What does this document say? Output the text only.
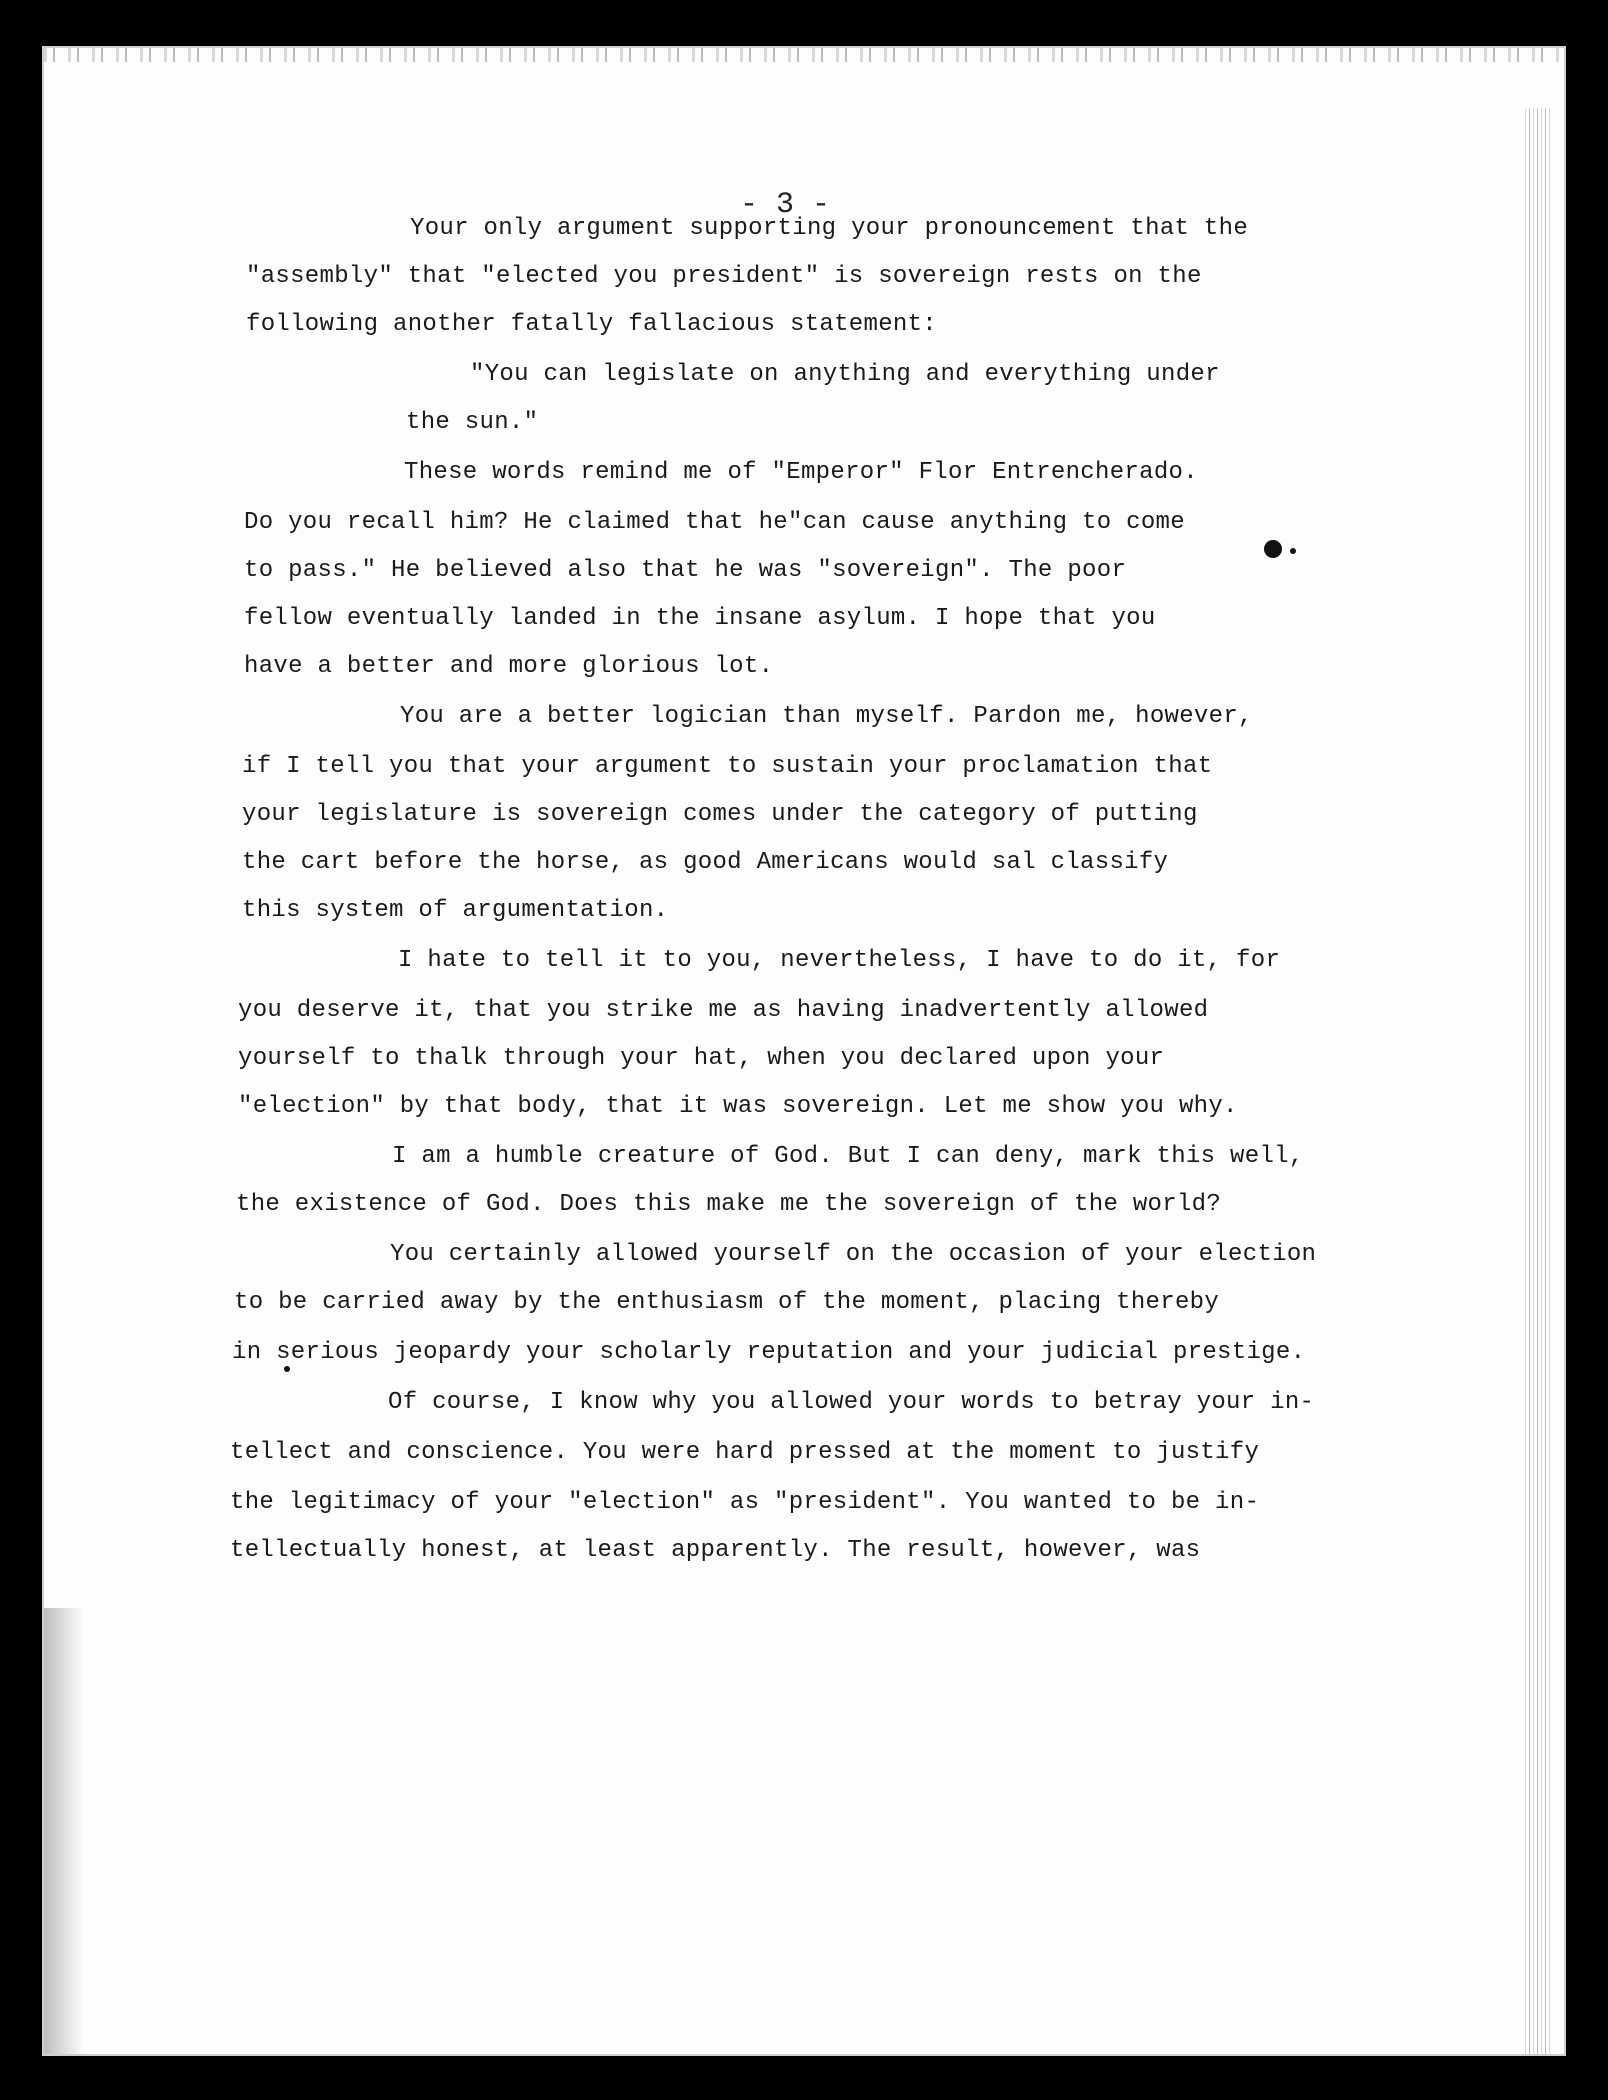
- 3 -
Your only argument supporting your pronouncement that the
"assembly" that "elected you president" is sovereign rests on the
following another fatally fallacious statement:
"You can legislate on anything and everything under
the sun."
These words remind me of "Emperor" Flor Entrencherado.
Do you recall him? He claimed that he"can cause anything to come
to pass." He believed also that he was "sovereign". The poor
fellow eventually landed in the insane asylum. I hope that you
have a better and more glorious lot.
You are a better logician than myself. Pardon me, however,
if I tell you that your argument to sustain your proclamation that
your legislature is sovereign comes under the category of putting
the cart before the horse, as good Americans would sal classify
this system of argumentation.
I hate to tell it to you, nevertheless, I have to do it, for
you deserve it, that you strike me as having inadvertently allowed
yourself to thalk through your hat, when you declared upon your
"election" by that body, that it was sovereign. Let me show you why.
I am a humble creature of God. But I can deny, mark this well,
the existence of God. Does this make me the sovereign of the world?
You certainly allowed yourself on the occasion of your election
to be carried away by the enthusiasm of the moment, placing thereby
in serious jeopardy your scholarly reputation and your judicial prestige.
Of course, I know why you allowed your words to betray your in-
tellect and conscience. You were hard pressed at the moment to justify
the legitimacy of your "election" as "president". You wanted to be in-
tellectually honest, at least apparently. The result, however, was
